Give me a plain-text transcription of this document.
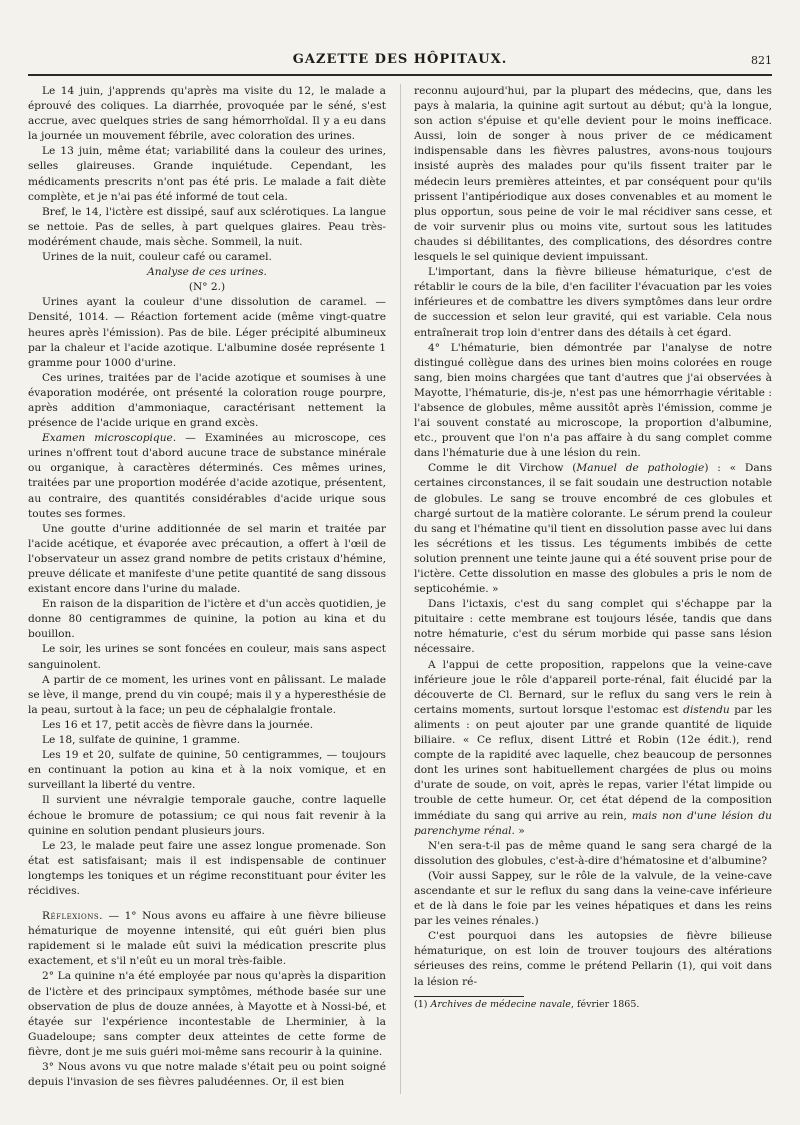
GAZETTE DES HÔPITAUX.	821

Le 14 juin, j'apprends qu'après ma visite du 12, le malade a éprouvé des coliques. La diarrhée, provoquée par le séné, s'est accrue, avec quelques stries de sang hémorrhoïdal. Il y a eu dans la journée un mouvement fébrile, avec coloration des urines.

Le 13 juin, même état; variabilité dans la couleur des urines, selles glaireuses. Grande inquiétude. Cependant, les médicaments prescrits n'ont pas été pris. Le malade a fait diète complète, et je n'ai pas été informé de tout cela.

Bref, le 14, l'ictère est dissipé, sauf aux sclérotiques. La langue se nettoie. Pas de selles, à part quelques glaires. Peau très-modérément chaude, mais sèche. Sommeil, la nuit.

Urines de la nuit, couleur café ou caramel.

Analyse de ces urines.

(N° 2.)

Urines ayant la couleur d'une dissolution de caramel. — Densité, 1014. — Réaction fortement acide (même vingt-quatre heures après l'émission). Pas de bile. Léger précipité albumineux par la chaleur et l'acide azotique. L'albumine dosée représente 1 gramme pour 1000 d'urine.

Ces urines, traitées par de l'acide azotique et soumises à une évaporation modérée, ont présenté la coloration rouge pourpre, après addition d'ammoniaque, caractérisant nettement la présence de l'acide urique en grand excès.

Examen microscopique. — Examinées au microscope, ces urines n'offrent tout d'abord aucune trace de substance minérale ou organique, à caractères déterminés. Ces mêmes urines, traitées par une proportion modérée d'acide azotique, présentent, au contraire, des quantités considérables d'acide urique sous toutes ses formes.

Une goutte d'urine additionnée de sel marin et traitée par l'acide acétique, et évaporée avec précaution, a offert à l'œil de l'observateur un assez grand nombre de petits cristaux d'hémine, preuve délicate et manifeste d'une petite quantité de sang dissous existant encore dans l'urine du malade.

En raison de la disparition de l'ictère et d'un accès quotidien, je donne 80 centigrammes de quinine, la potion au kina et du bouillon.

Le soir, les urines se sont foncées en couleur, mais sans aspect sanguinolent.

A partir de ce moment, les urines vont en pâlissant. Le malade se lève, il mange, prend du vin coupé; mais il y a hyperesthésie de la peau, surtout à la face; un peu de céphalalgie frontale.

Les 16 et 17, petit accès de fièvre dans la journée.

Le 18, sulfate de quinine, 1 gramme.

Les 19 et 20, sulfate de quinine, 50 centigrammes, — toujours en continuant la potion au kina et à la noix vomique, et en surveillant la liberté du ventre.

Il survient une névralgie temporale gauche, contre laquelle échoue le bromure de potassium; ce qui nous fait revenir à la quinine en solution pendant plusieurs jours.

Le 23, le malade peut faire une assez longue promenade. Son état est satisfaisant; mais il est indispensable de continuer longtemps les toniques et un régime reconstituant pour éviter les récidives.

Réflexions. — 1° Nous avons eu affaire à une fièvre bilieuse hématurique de moyenne intensité, qui eût guéri bien plus rapidement si le malade eût suivi la médication prescrite plus exactement, et s'il n'eût eu un moral très-faible.

2° La quinine n'a été employée par nous qu'après la disparition de l'ictère et des principaux symptômes, méthode basée sur une observation de plus de douze années, à Mayotte et à Nossi-bé, et étayée sur l'expérience incontestable de Lherminier, à la Guadeloupe; sans compter deux atteintes de cette forme de fièvre, dont je me suis guéri moi-même sans recourir à la quinine.

3° Nous avons vu que notre malade s'était peu ou point soigné depuis l'invasion de ses fièvres paludéennes. Or, il est bien

reconnu aujourd'hui, par la plupart des médecins, que, dans les pays à malaria, la quinine agit surtout au début; qu'à la longue, son action s'épuise et qu'elle devient pour le moins inefficace. Aussi, loin de songer à nous priver de ce médicament indispensable dans les fièvres palustres, avons-nous toujours insisté auprès des malades pour qu'ils fissent traiter par le médecin leurs premières atteintes, et par conséquent pour qu'ils prissent l'antipériodique aux doses convenables et au moment le plus opportun, sous peine de voir le mal récidiver sans cesse, et de voir survenir plus ou moins vite, surtout sous les latitudes chaudes si débilitantes, des complications, des désordres contre lesquels le sel quinique devient impuissant.

L'important, dans la fièvre bilieuse hématurique, c'est de rétablir le cours de la bile, d'en faciliter l'évacuation par les voies inférieures et de combattre les divers symptômes dans leur ordre de succession et selon leur gravité, qui est variable. Cela nous entraînerait trop loin d'entrer dans des détails à cet égard.

4° L'hématurie, bien démontrée par l'analyse de notre distingué collègue dans des urines bien moins colorées en rouge sang, bien moins chargées que tant d'autres que j'ai observées à Mayotte, l'hématurie, dis-je, n'est pas une hémorrhagie véritable : l'absence de globules, même aussitôt après l'émission, comme je l'ai souvent constaté au microscope, la proportion d'albumine, etc., prouvent que l'on n'a pas affaire à du sang complet comme dans l'hématurie due à une lésion du rein.

Comme le dit Virchow (Manuel de pathologie) : « Dans certaines circonstances, il se fait soudain une destruction notable de globules. Le sang se trouve encombré de ces globules et chargé surtout de la matière colorante. Le sérum prend la couleur du sang et l'hématine qu'il tient en dissolution passe avec lui dans les sécrétions et les tissus. Les téguments imbibés de cette solution prennent une teinte jaune qui a été souvent prise pour de l'ictère. Cette dissolution en masse des globules a pris le nom de septicohémie. »

Dans l'ictaxis, c'est du sang complet qui s'échappe par la pituitaire : cette membrane est toujours lésée, tandis que dans notre hématurie, c'est du sérum morbide qui passe sans lésion nécessaire.

A l'appui de cette proposition, rappelons que la veine-cave inférieure joue le rôle d'appareil porte-rénal, fait élucidé par la découverte de Cl. Bernard, sur le reflux du sang vers le rein à certains moments, surtout lorsque l'estomac est distendu par les aliments : on peut ajouter par une grande quantité de liquide biliaire. « Ce reflux, disent Littré et Robin (12e édit.), rend compte de la rapidité avec laquelle, chez beaucoup de personnes dont les urines sont habituellement chargées de plus ou moins d'urate de soude, on voit, après le repas, varier l'état limpide ou trouble de cette humeur. Or, cet état dépend de la composition immédiate du sang qui arrive au rein, mais non d'une lésion du parenchyme rénal. »

N'en sera-t-il pas de même quand le sang sera chargé de la dissolution des globules, c'est-à-dire d'hématosine et d'albumine?

(Voir aussi Sappey, sur le rôle de la valvule, de la veine-cave ascendante et sur le reflux du sang dans la veine-cave inférieure et de là dans le foie par les veines hépatiques et dans les reins par les veines rénales.)

C'est pourquoi dans les autopsies de fièvre bilieuse hématurique, on est loin de trouver toujours des altérations sérieuses des reins, comme le prétend Pellarin (1), qui voit dans la lésion ré-

(1) Archives de médecine navale, février 1865.
